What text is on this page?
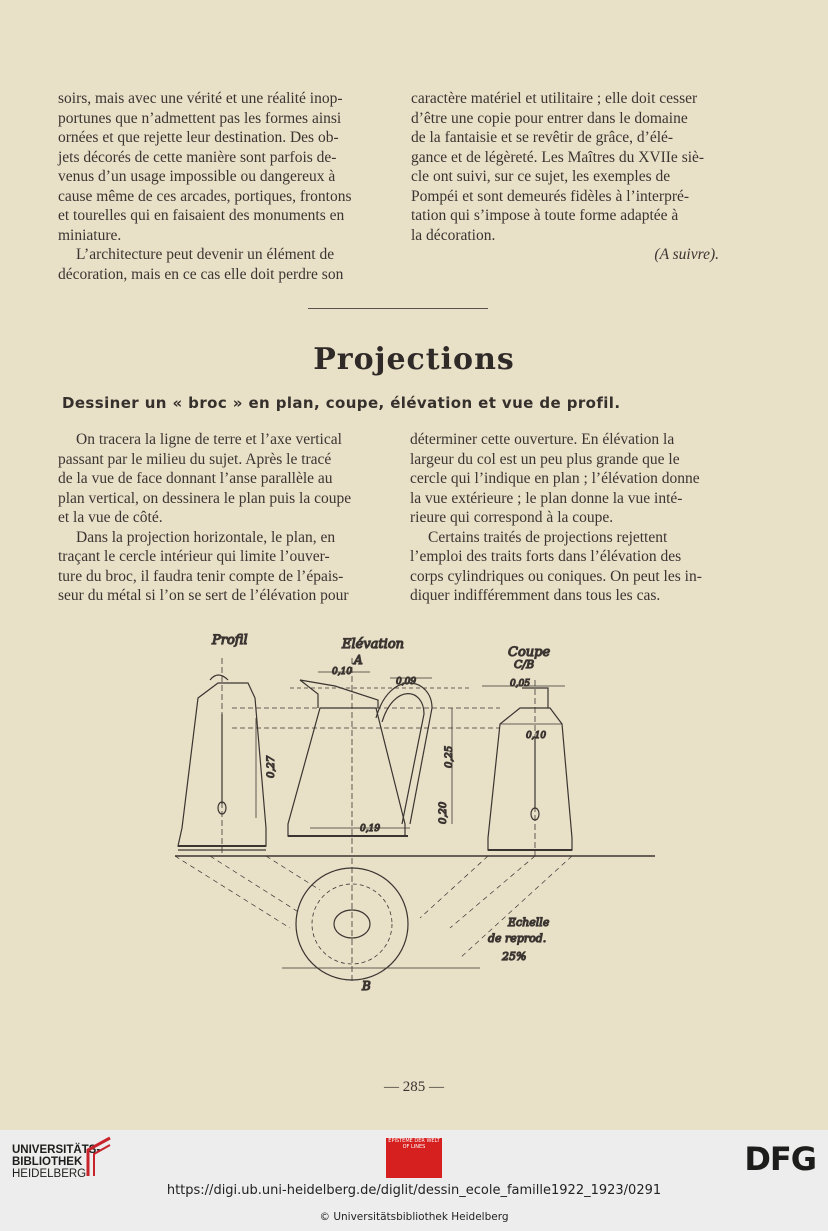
soirs, mais avec une vérité et une réalité inop-

portunes que n’admettent pas les formes ainsi

ornées et que rejette leur destination. Des ob-

jets décorés de cette manière sont parfois de-

venus d’un usage impossible ou dangereux à

cause même de ces arcades, portiques, frontons

et tourelles qui en faisaient des monuments en

miniature.

L’architecture peut devenir un élément de

décoration, mais en ce cas elle doit perdre son

caractère matériel et utilitaire ; elle doit cesser

d’être une copie pour entrer dans le domaine

de la fantaisie et se revêtir de grâce, d’élé-

gance et de légèreté. Les Maîtres du XVIIe siè-

cle ont suivi, sur ce sujet, les exemples de

Pompéi et sont demeurés fidèles à l’interpré-

tation qui s’impose à toute forme adaptée à

la décoration.

(A suivre).

Projections
Dessiner un « broc » en plan, coupe, élévation et vue de profil.

On tracera la ligne de terre et l’axe vertical

passant par le milieu du sujet. Après le tracé

de la vue de face donnant l’anse parallèle au

plan vertical, on dessinera le plan puis la coupe

et la vue de côté.

Dans la projection horizontale, le plan, en

traçant le cercle intérieur qui limite l’ouver-

ture du broc, il faudra tenir compte de l’épais-

seur du métal si l’on se sert de l’élévation pour

déterminer cette ouverture. En élévation la

largeur du col est un peu plus grande que le

cercle qui l’indique en plan ; l’élévation donne

la vue extérieure ; le plan donne la vue inté-

rieure qui correspond à la coupe.

Certains traités de projections rejettent

l’emploi des traits forts dans l’élévation des

corps cylindriques ou coniques. On peut les in-

diquer indifféremment dans tous les cas.

Profil	Elévation
A	Coupe
C/B
B
0,10
0,09	0,05
0,19
0,10
0,27	0,25
0,20
Echelle
de reprod.
25%
— 285 —
UNIVERSITÄTS-
BIBLIOTHEK
HEIDELBERG
EPISTEME DER WELT OF LINES	DFG
https://digi.ub.uni-heidelberg.de/diglit/dessin_ecole_famille1922_1923/0291
© Universitätsbibliothek Heidelberg
